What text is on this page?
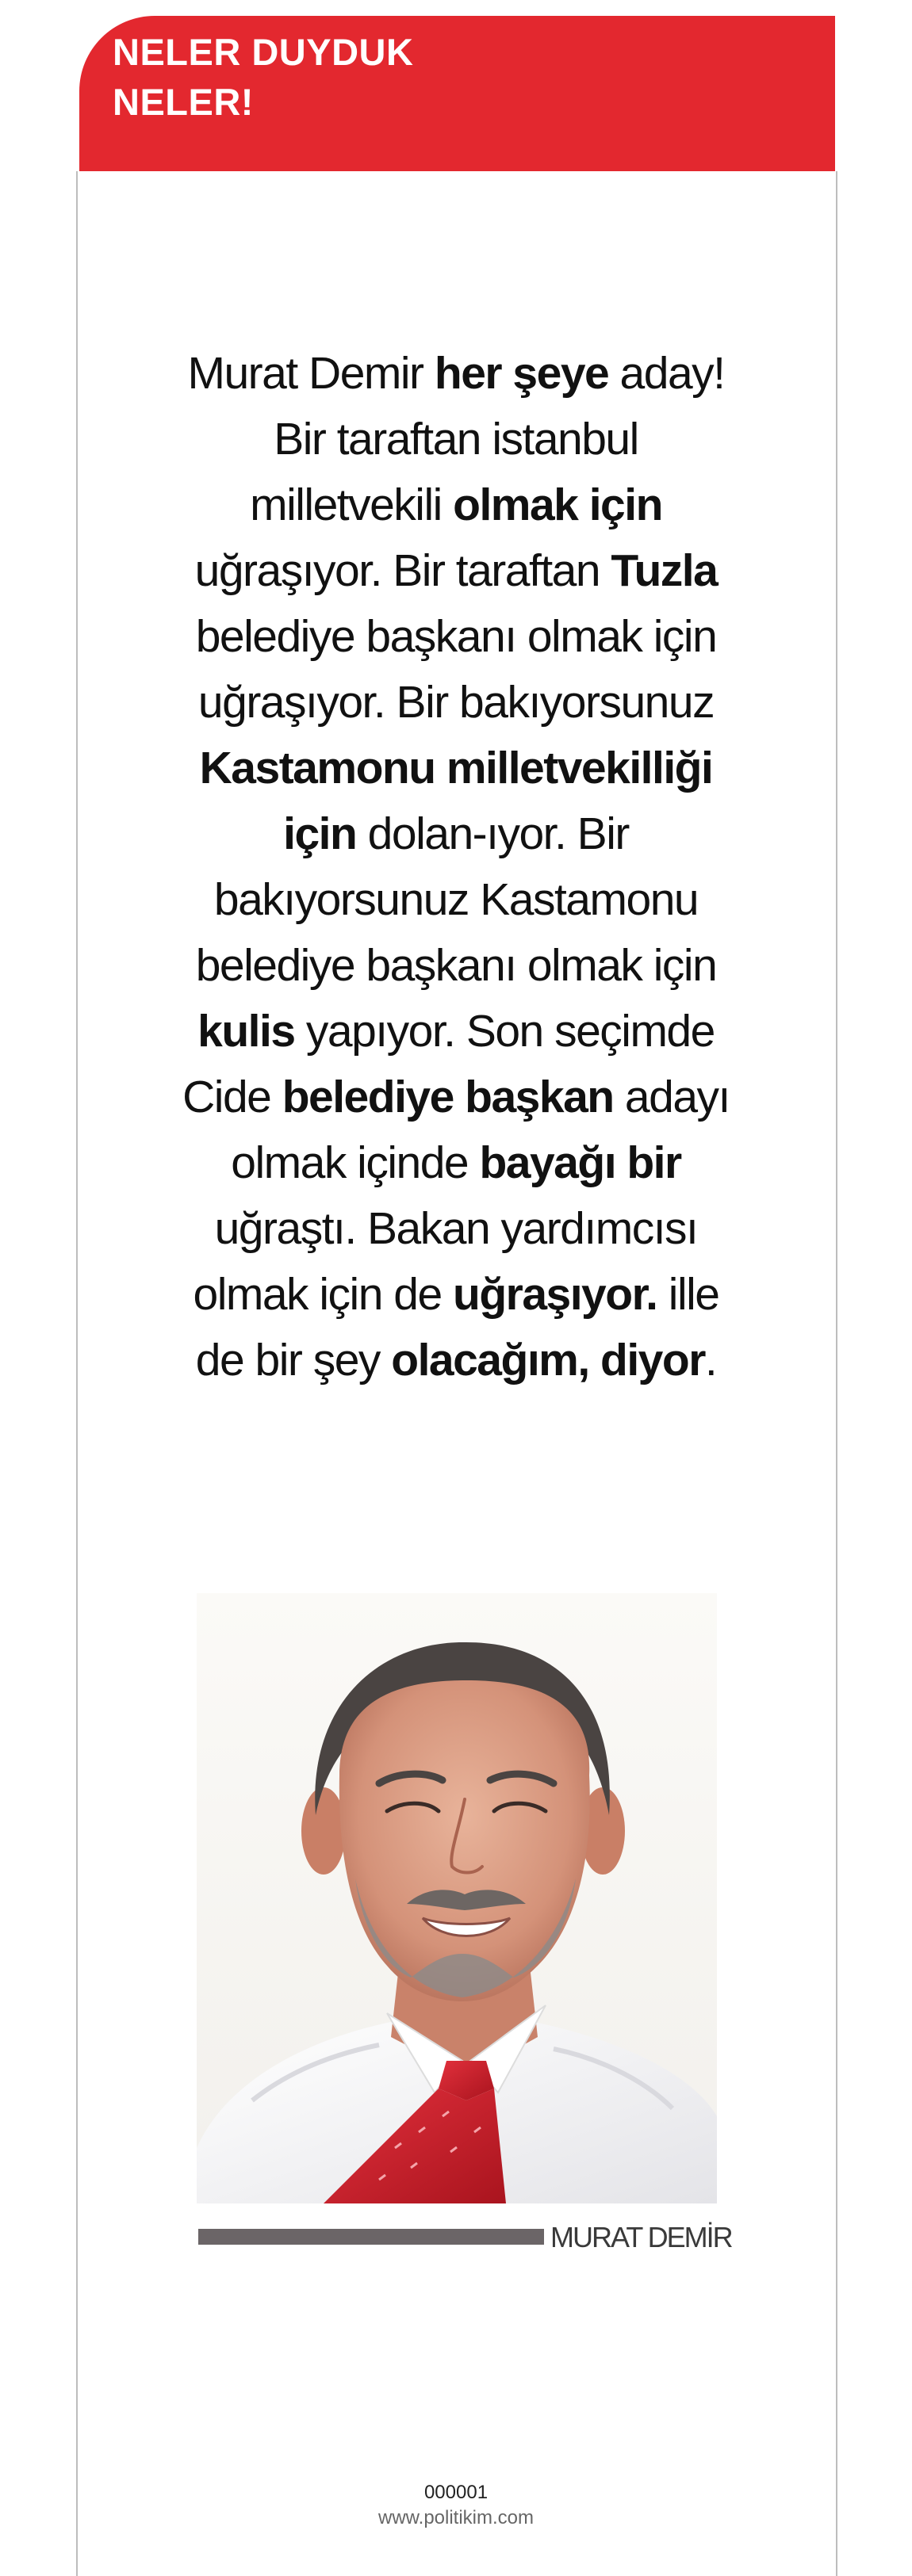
NELER DUYDUK
NELER!

Murat Demir her şeye aday! Bir taraftan istanbul milletvekili olmak için uğraşıyor. Bir taraftan Tuzla belediye başkanı olmak için uğraşıyor. Bir bakıyorsunuz Kastamonu milletvekilliği için dolan-ıyor. Bir bakıyorsunuz Kastamonu belediye başkanı olmak için kulis yapıyor. Son seçimde Cide belediye başkan adayı olmak içinde bayağı bir uğraştı. Bakan yardımcısı olmak için de uğraşıyor. ille de bir şey olacağım, diyor.

MURAT DEMİR
000001
www.politikim.com
